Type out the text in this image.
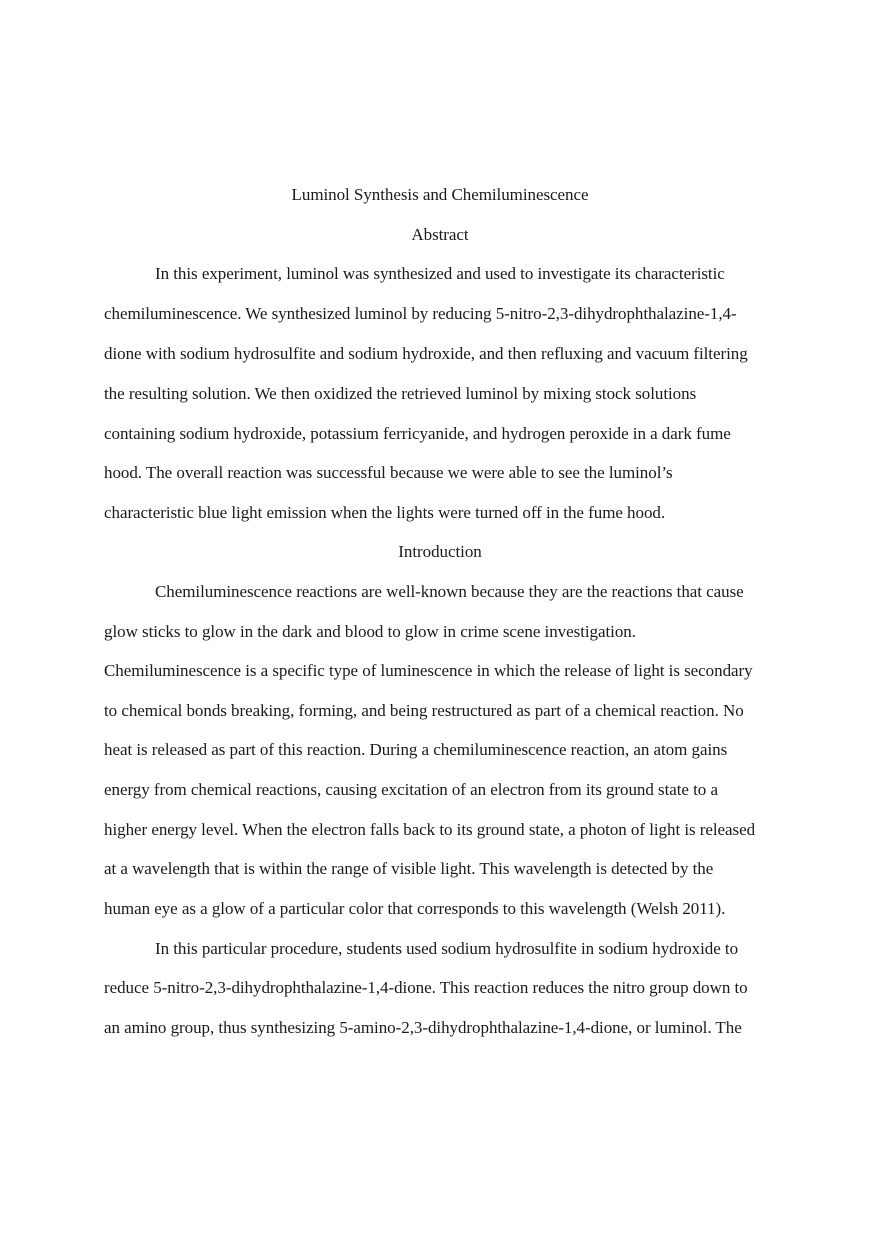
Luminol Synthesis and Chemiluminescence
Abstract
In this experiment, luminol was synthesized and used to investigate its characteristic
chemiluminescence. We synthesized luminol by reducing 5-nitro-2,3-dihydrophthalazine-1,4-
dione with sodium hydrosulfite and sodium hydroxide, and then refluxing and vacuum filtering
the resulting solution. We then oxidized the retrieved luminol by mixing stock solutions
containing sodium hydroxide, potassium ferricyanide, and hydrogen peroxide in a dark fume
hood. The overall reaction was successful because we were able to see the luminol’s
characteristic blue light emission when the lights were turned off in the fume hood.
Introduction
Chemiluminescence reactions are well-known because they are the reactions that cause
glow sticks to glow in the dark and blood to glow in crime scene investigation.
Chemiluminescence is a specific type of luminescence in which the release of light is secondary
to chemical bonds breaking, forming, and being restructured as part of a chemical reaction. No
heat is released as part of this reaction. During a chemiluminescence reaction, an atom gains
energy from chemical reactions, causing excitation of an electron from its ground state to a
higher energy level. When the electron falls back to its ground state, a photon of light is released
at a wavelength that is within the range of visible light. This wavelength is detected by the
human eye as a glow of a particular color that corresponds to this wavelength (Welsh 2011).
In this particular procedure, students used sodium hydrosulfite in sodium hydroxide to
reduce 5-nitro-2,3-dihydrophthalazine-1,4-dione. This reaction reduces the nitro group down to
an amino group, thus synthesizing 5-amino-2,3-dihydrophthalazine-1,4-dione, or luminol. The
